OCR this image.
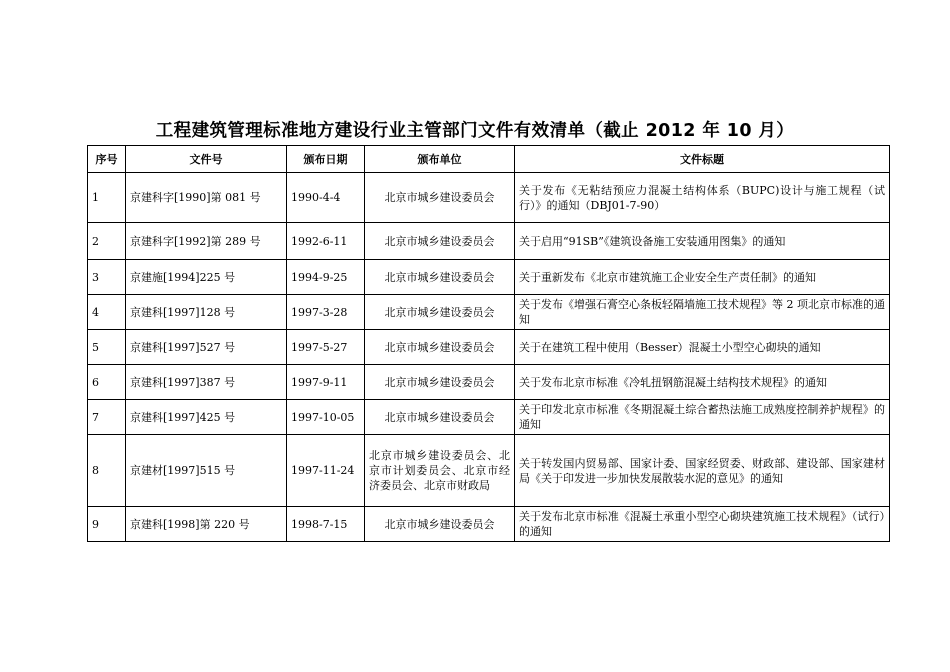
工程建筑管理标准地方建设行业主管部门文件有效清单（截止 2012 年 10 月）
序号	文件号	颁布日期	颁布单位	文件标题
1	京建科字[1990]第 081 号	1990-4-4	北京市城乡建设委员会	关于发布《无粘结预应力混凝土结构体系（BUPC)设计与施工规程（试行）》的通知（DBJ01-7-90）
2	京建科字[1992]第 289 号	1992-6-11	北京市城乡建设委员会	关于启用“91SB”《建筑设备施工安装通用图集》的通知
3	京建施[1994]225 号	1994-9-25	北京市城乡建设委员会	关于重新发布《北京市建筑施工企业安全生产责任制》的通知
4	京建科[1997]128 号	1997-3-28	北京市城乡建设委员会	关于发布《增强石膏空心条板轻隔墙施工技术规程》等 2 项北京市标准的通知
5	京建科[1997]527 号	1997-5-27	北京市城乡建设委员会	关于在建筑工程中使用（Besser）混凝土小型空心砌块的通知
6	京建科[1997]387 号	1997-9-11	北京市城乡建设委员会	关于发布北京市标准《冷轧扭钢筋混凝土结构技术规程》的通知
7	京建科[1997]425 号	1997-10-05	北京市城乡建设委员会	关于印发北京市标准《冬期混凝土综合蓄热法施工成熟度控制养护规程》的通知
8	京建材[1997]515 号	1997-11-24	北京市城乡建设委员会、北京市计划委员会、北京市经济委员会、北京市财政局	关于转发国内贸易部、国家计委、国家经贸委、财政部、建设部、国家建材局《关于印发进一步加快发展散装水泥的意见》的通知
9	京建科[1998]第 220 号	1998-7-15	北京市城乡建设委员会	关于发布北京市标准《混凝土承重小型空心砌块建筑施工技术规程》（试行）的通知
